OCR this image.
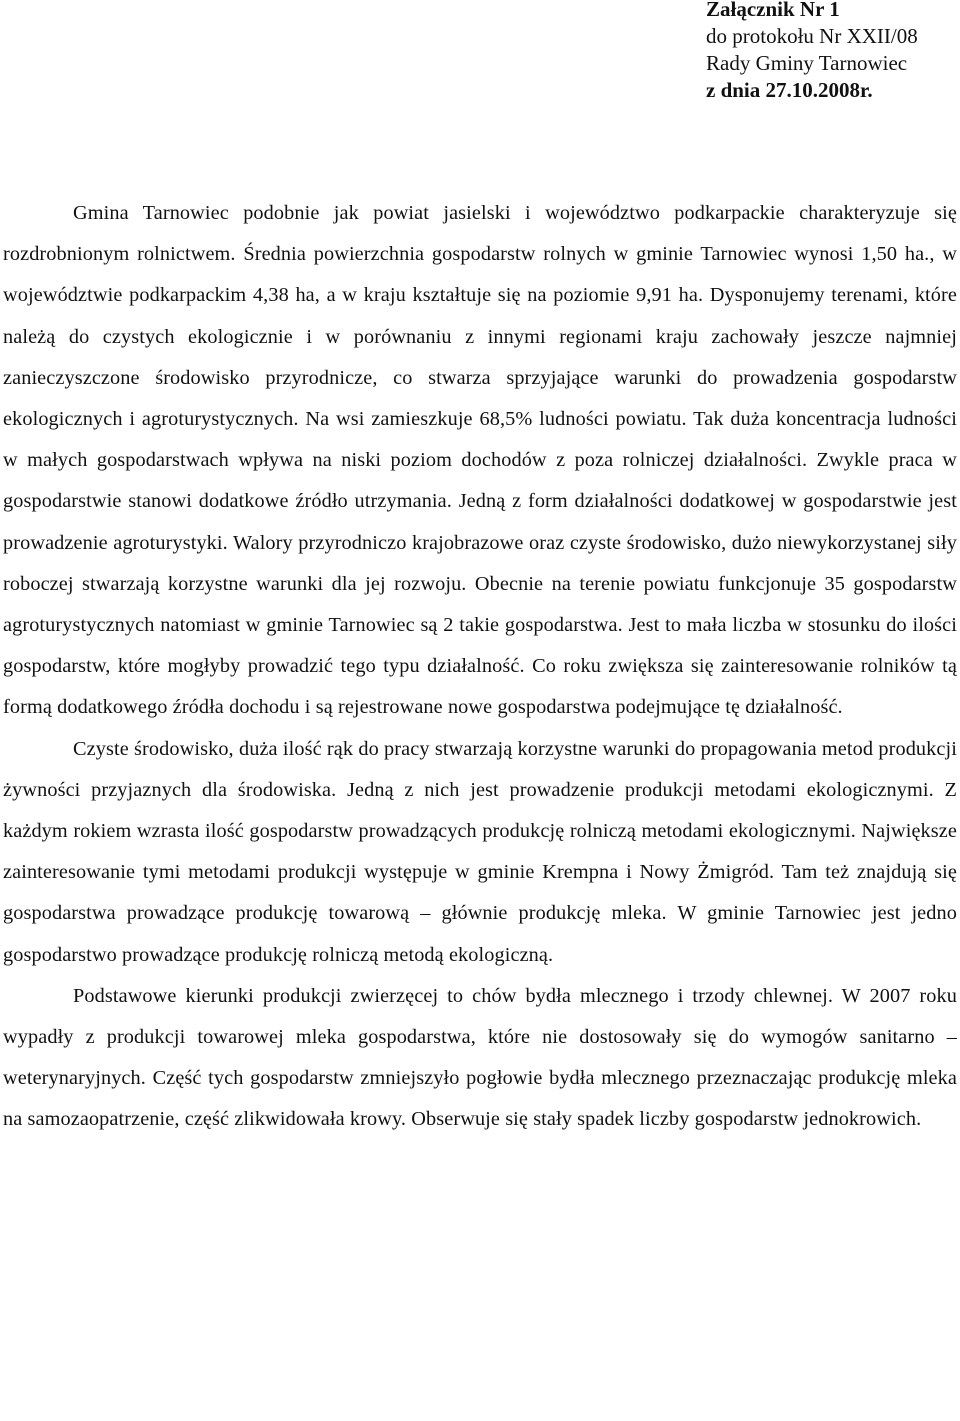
Załącznik Nr 1
do protokołu Nr XXII/08
Rady Gminy Tarnowiec
z dnia 27.10.2008r.

Gmina Tarnowiec podobnie jak powiat jasielski i województwo podkarpackie charakteryzuje się rozdrobnionym rolnictwem. Średnia powierzchnia gospodarstw rolnych w gminie Tarnowiec wynosi 1,50 ha., w województwie podkarpackim 4,38 ha, a w kraju kształtuje się na poziomie 9,91 ha. Dysponujemy terenami, które należą do czystych ekologicznie i w porównaniu z innymi regionami kraju zachowały jeszcze najmniej zanieczyszczone środowisko przyrodnicze, co stwarza sprzyjające warunki do prowadzenia gospodarstw ekologicznych i agroturystycznych. Na wsi zamieszkuje 68,5% ludności powiatu. Tak duża koncentracja ludności w małych gospodarstwach wpływa na niski poziom dochodów z poza rolniczej działalności. Zwykle praca w gospodarstwie stanowi dodatkowe źródło utrzymania. Jedną z form działalności dodatkowej w gospodarstwie jest prowadzenie agroturystyki. Walory przyrodniczo krajobrazowe oraz czyste środowisko, dużo niewykorzystanej siły roboczej stwarzają korzystne warunki dla jej rozwoju. Obecnie na terenie powiatu funkcjonuje 35 gospodarstw agroturystycznych natomiast w gminie Tarnowiec są 2 takie gospodarstwa. Jest to mała liczba w stosunku do ilości gospodarstw, które mogłyby prowadzić tego typu działalność. Co roku zwiększa się zainteresowanie rolników tą formą dodatkowego źródła dochodu i są rejestrowane nowe gospodarstwa podejmujące tę działalność.

Czyste środowisko, duża ilość rąk do pracy stwarzają korzystne warunki do propagowania metod produkcji żywności przyjaznych dla środowiska. Jedną z nich jest prowadzenie produkcji metodami ekologicznymi. Z każdym rokiem wzrasta ilość gospodarstw prowadzących produkcję rolniczą metodami ekologicznymi. Największe zainteresowanie tymi metodami produkcji występuje w gminie Krempna i Nowy Żmigród. Tam też znajdują się gospodarstwa prowadzące produkcję towarową – głównie produkcję mleka. W gminie Tarnowiec jest jedno gospodarstwo prowadzące produkcję rolniczą metodą ekologiczną.

Podstawowe kierunki produkcji zwierzęcej to chów bydła mlecznego i trzody chlewnej. W 2007 roku wypadły z produkcji towarowej mleka gospodarstwa, które nie dostosowały się do wymogów sanitarno – weterynaryjnych. Część tych gospodarstw zmniejszyło pogłowie bydła mlecznego przeznaczając produkcję mleka na samozaopatrzenie, część zlikwidowała krowy. Obserwuje się stały spadek liczby gospodarstw jednokrowich.
